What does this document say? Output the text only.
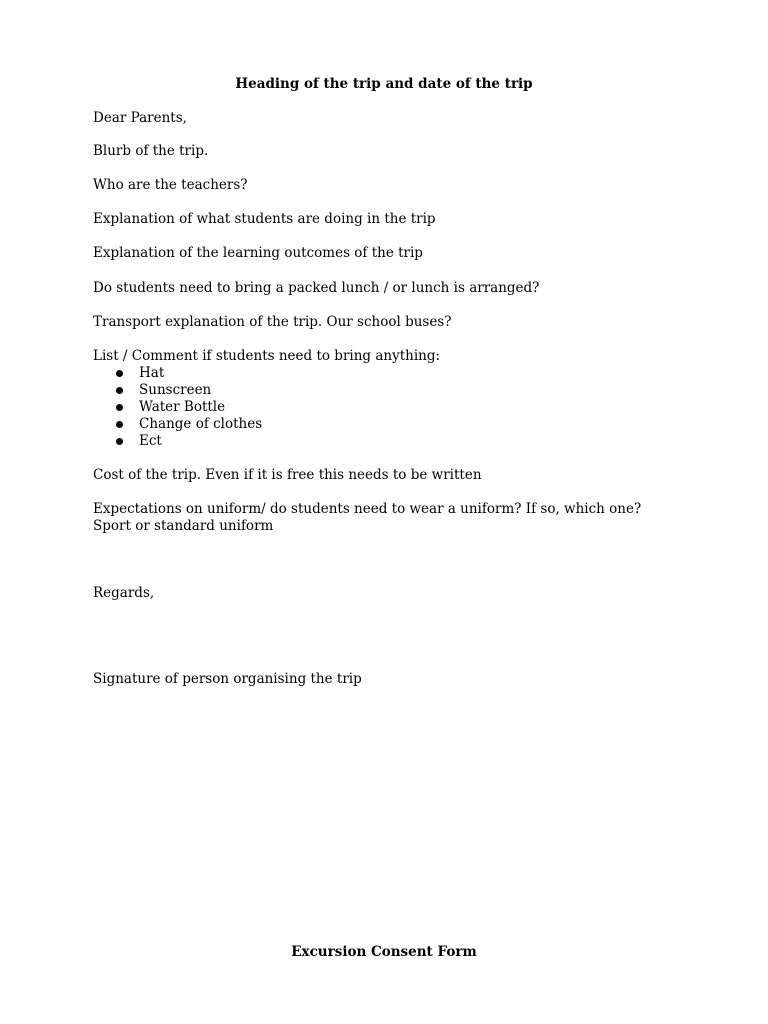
Heading of the trip and date of the trip
Dear Parents,
Blurb of the trip.
Who are the teachers?
Explanation of what students are doing in the trip
Explanation of the learning outcomes of the trip
Do students need to bring a packed lunch / or lunch is arranged?
Transport explanation of the trip. Our school buses?
List / Comment if students need to bring anything:
Hat
Sunscreen
Water Bottle
Change of clothes
Ect
Cost of the trip. Even if it is free this needs to be written
Expectations on uniform/ do students need to wear a uniform? If so, which one? Sport or standard uniform
Regards,
Signature of person organising the trip
Excursion Consent Form
